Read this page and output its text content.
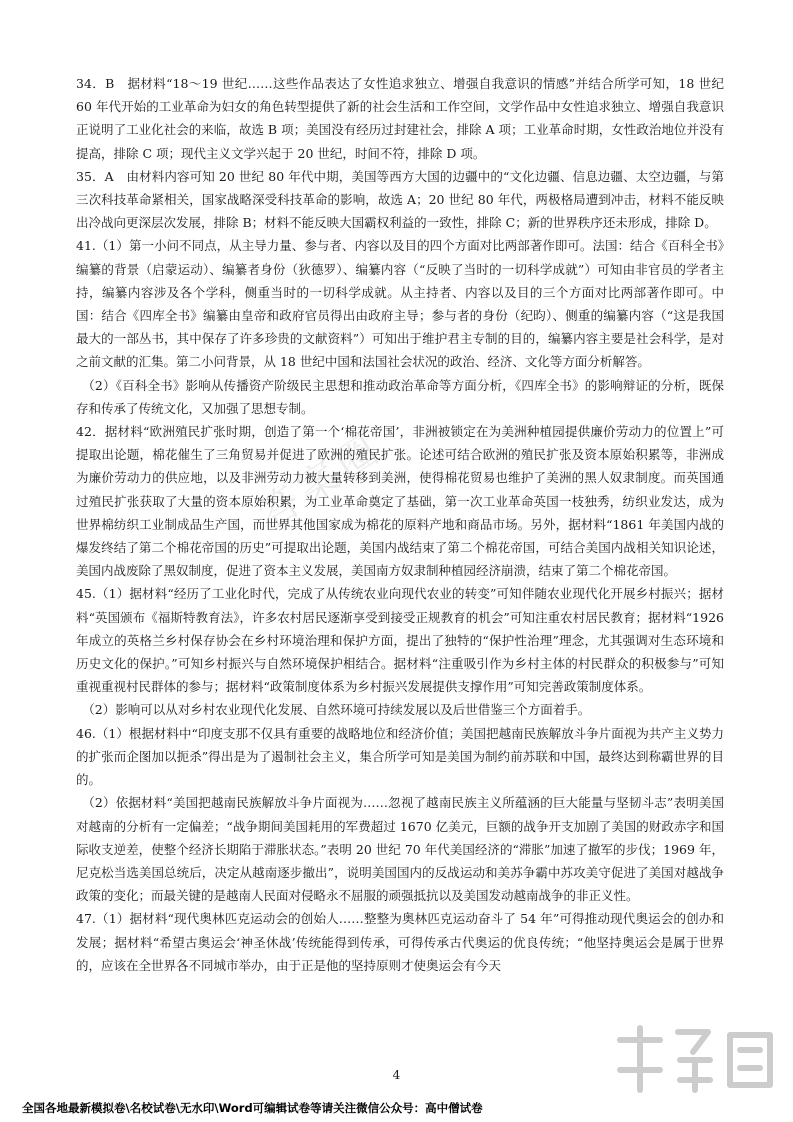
答案圈

34．B　据材料“18～19 世纪……这些作品表达了女性追求独立、增强自我意识的情感”并结合所学可知，18 世纪 60 年代开始的工业革命为妇女的角色转型提供了新的社会生活和工作空间，文学作品中女性追求独立、增强自我意识正说明了工业化社会的来临，故选 B 项；美国没有经历过封建社会，排除 A 项；工业革命时期，女性政治地位并没有提高，排除 C 项；现代主义文学兴起于 20 世纪，时间不符，排除 D 项。

35．A　由材料内容可知 20 世纪 80 年代中期，美国等西方大国的边疆中的“文化边疆、信息边疆、太空边疆，与第三次科技革命紧相关，国家战略深受科技革命的影响，故选 A；20 世纪 80 年代，两极格局遭到冲击，材料不能反映出冷战向更深层次发展，排除 B；材料不能反映大国霸权利益的一致性，排除 C；新的世界秩序还未形成，排除 D。

41.（1）第一小问不同点，从主导力量、参与者、内容以及目的四个方面对比两部著作即可。法国：结合《百科全书》编纂的背景（启蒙运动）、编纂者身份（狄德罗）、编纂内容（“反映了当时的一切科学成就”）可知由非官员的学者主持，编纂内容涉及各个学科，侧重当时的一切科学成就。从主持者、内容以及目的三个方面对比两部著作即可。中国：结合《四库全书》编纂由皇帝和政府官员得出由政府主导；参与者的身份（纪昀）、侧重的编纂内容（“这是我国最大的一部丛书，其中保存了许多珍贵的文献资料”）可知出于维护君主专制的目的，编纂内容主要是社会科学，是对之前文献的汇集。第二小问背景，从 18 世纪中国和法国社会状况的政治、经济、文化等方面分析解答。

（2）《百科全书》影响从传播资产阶级民主思想和推动政治革命等方面分析，《四库全书》的影响辩证的分析，既保存和传承了传统文化，又加强了思想专制。

42．据材料“欧洲殖民扩张时期，创造了第一个‘棉花帝国’，非洲被锁定在为美洲种植园提供廉价劳动力的位置上”可提取出论题，棉花催生了三角贸易并促进了欧洲的殖民扩张。论述可结合欧洲的殖民扩张及资本原始积累等，非洲成为廉价劳动力的供应地，以及非洲劳动力被大量转移到美洲，使得棉花贸易也维护了美洲的黑人奴隶制度。而英国通过殖民扩张获取了大量的资本原始积累，为工业革命奠定了基础，第一次工业革命英国一枝独秀，纺织业发达，成为世界棉纺织工业制成品生产国，而世界其他国家成为棉花的原料产地和商品市场。另外，据材料“1861 年美国内战的爆发终结了第二个棉花帝国的历史”可提取出论题，美国内战结束了第二个棉花帝国，可结合美国内战相关知识论述，美国内战废除了黑奴制度，促进了资本主义发展，美国南方奴隶制种植园经济崩溃，结束了第二个棉花帝国。

45.（1）据材料“经历了工业化时代，完成了从传统农业向现代农业的转变”可知伴随农业现代化开展乡村振兴；据材料“英国颁布《福斯特教育法》，许多农村居民逐渐享受到接受正规教育的机会”可知注重农村居民教育；据材料“1926 年成立的英格兰乡村保存协会在乡村环境治理和保护方面，提出了独特的“保护性治理”理念，尤其强调对生态环境和历史文化的保护。”可知乡村振兴与自然环境保护相结合。据材料“注重吸引作为乡村主体的村民群众的积极参与”可知重视重视村民群体的参与；据材料“政策制度体系为乡村振兴发展提供支撑作用”可知完善政策制度体系。

（2）影响可以从对乡村农业现代化发展、自然环境可持续发展以及后世借鉴三个方面着手。

46.（1）根据材料中“印度支那不仅具有重要的战略地位和经济价值；美国把越南民族解放斗争片面视为共产主义势力的扩张而企图加以扼杀”得出是为了遏制社会主义，集合所学可知是美国为制约前苏联和中国，最终达到称霸世界的目的。

（2）依据材料“美国把越南民族解放斗争片面视为……忽视了越南民族主义所蕴涵的巨大能量与坚韧斗志”表明美国对越南的分析有一定偏差；“战争期间美国耗用的军费超过 1670 亿美元，巨额的战争开支加剧了美国的财政赤字和国际收支逆差，使整个经济长期陷于滞胀状态。”表明 20 世纪 70 年代美国经济的“滞胀”加速了撤军的步伐；1969 年，尼克松当选美国总统后，决定从越南逐步撤出”，说明美国国内的反战运动和美苏争霸中苏攻美守促进了美国对越战争政策的变化；而最关键的是越南人民面对侵略永不屈服的顽强抵抗以及美国发动越南战争的非正义性。

47.（1）据材料“现代奥林匹克运动会的创始人……整整为奥林匹克运动奋斗了 54 年”可得推动现代奥运会的创办和发展；据材料“希望古奥运会‘神圣休战’传统能得到传承，可得传承古代奥运的优良传统；“他坚持奥运会是属于世界的，应该在全世界各不同城市举办，由于正是他的坚持原则才使奥运会有今天

4
全国各地最新模拟卷\名校试卷\无水印\Word可编辑试卷等请关注微信公众号：高中僧试卷
